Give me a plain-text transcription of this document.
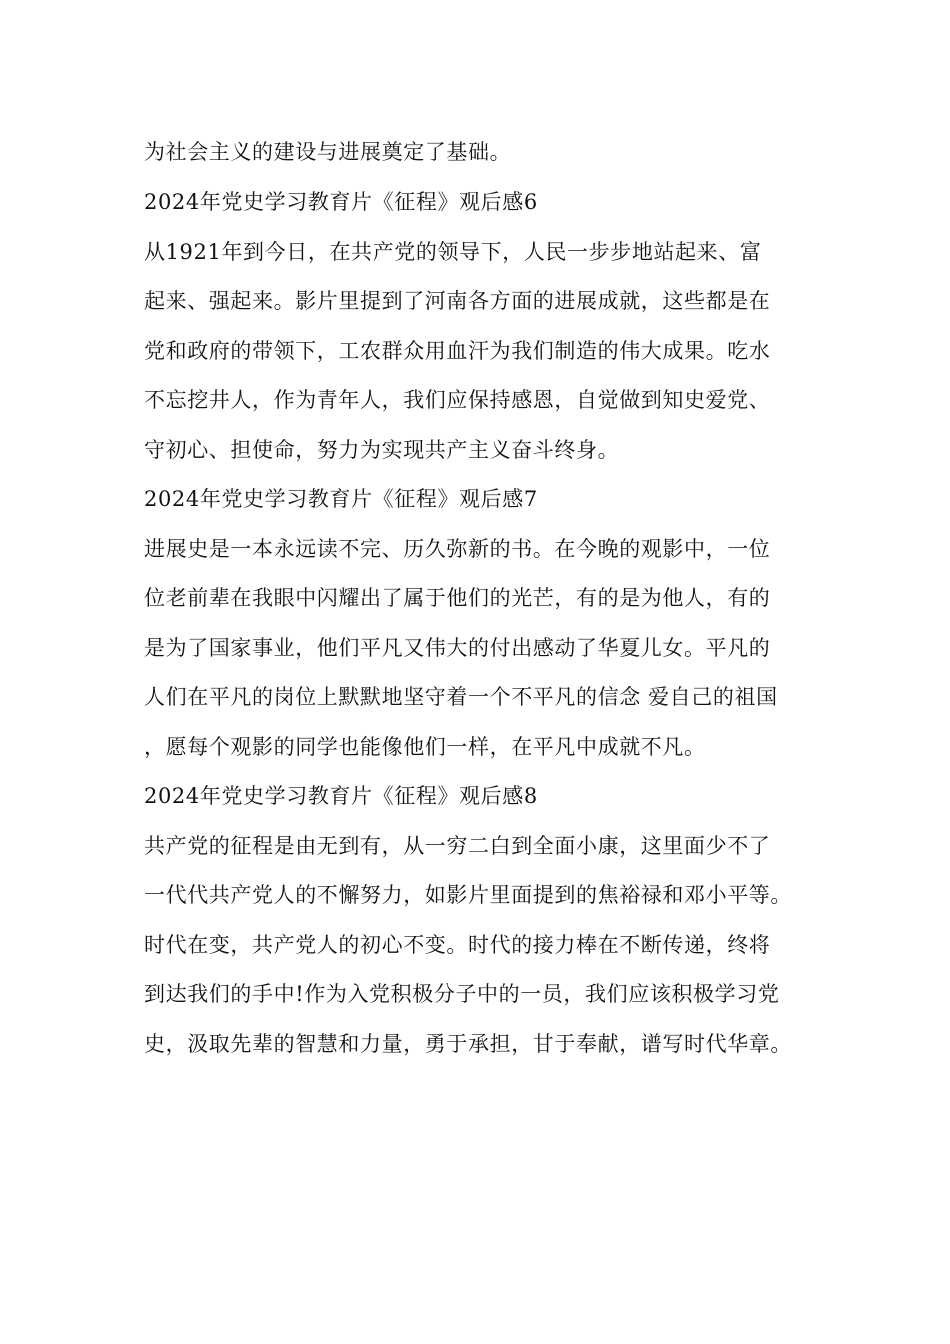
为社会主义的建设与进展奠定了基础。
2024年党史学习教育片《征程》观后感6
从1921年到今日，在共产党的领导下，人民一步步地站起来、富
起来、强起来。影片里提到了河南各方面的进展成就，这些都是在
党和政府的带领下，工农群众用血汗为我们制造的伟大成果。吃水
不忘挖井人，作为青年人，我们应保持感恩，自觉做到知史爱党、
守初心、担使命，努力为实现共产主义奋斗终身。
2024年党史学习教育片《征程》观后感7
进展史是一本永远读不完、历久弥新的书。在今晚的观影中，一位
位老前辈在我眼中闪耀出了属于他们的光芒，有的是为他人，有的
是为了国家事业，他们平凡又伟大的付出感动了华夏儿女。平凡的
人们在平凡的岗位上默默地坚守着一个不平凡的信念 爱自己的祖国
，愿每个观影的同学也能像他们一样，在平凡中成就不凡。
2024年党史学习教育片《征程》观后感8
共产党的征程是由无到有，从一穷二白到全面小康，这里面少不了
一代代共产党人的不懈努力，如影片里面提到的焦裕禄和邓小平等。
时代在变，共产党人的初心不变。时代的接力棒在不断传递，终将
到达我们的手中!作为入党积极分子中的一员，我们应该积极学习党
史，汲取先辈的智慧和力量，勇于承担，甘于奉献，谱写时代华章。
